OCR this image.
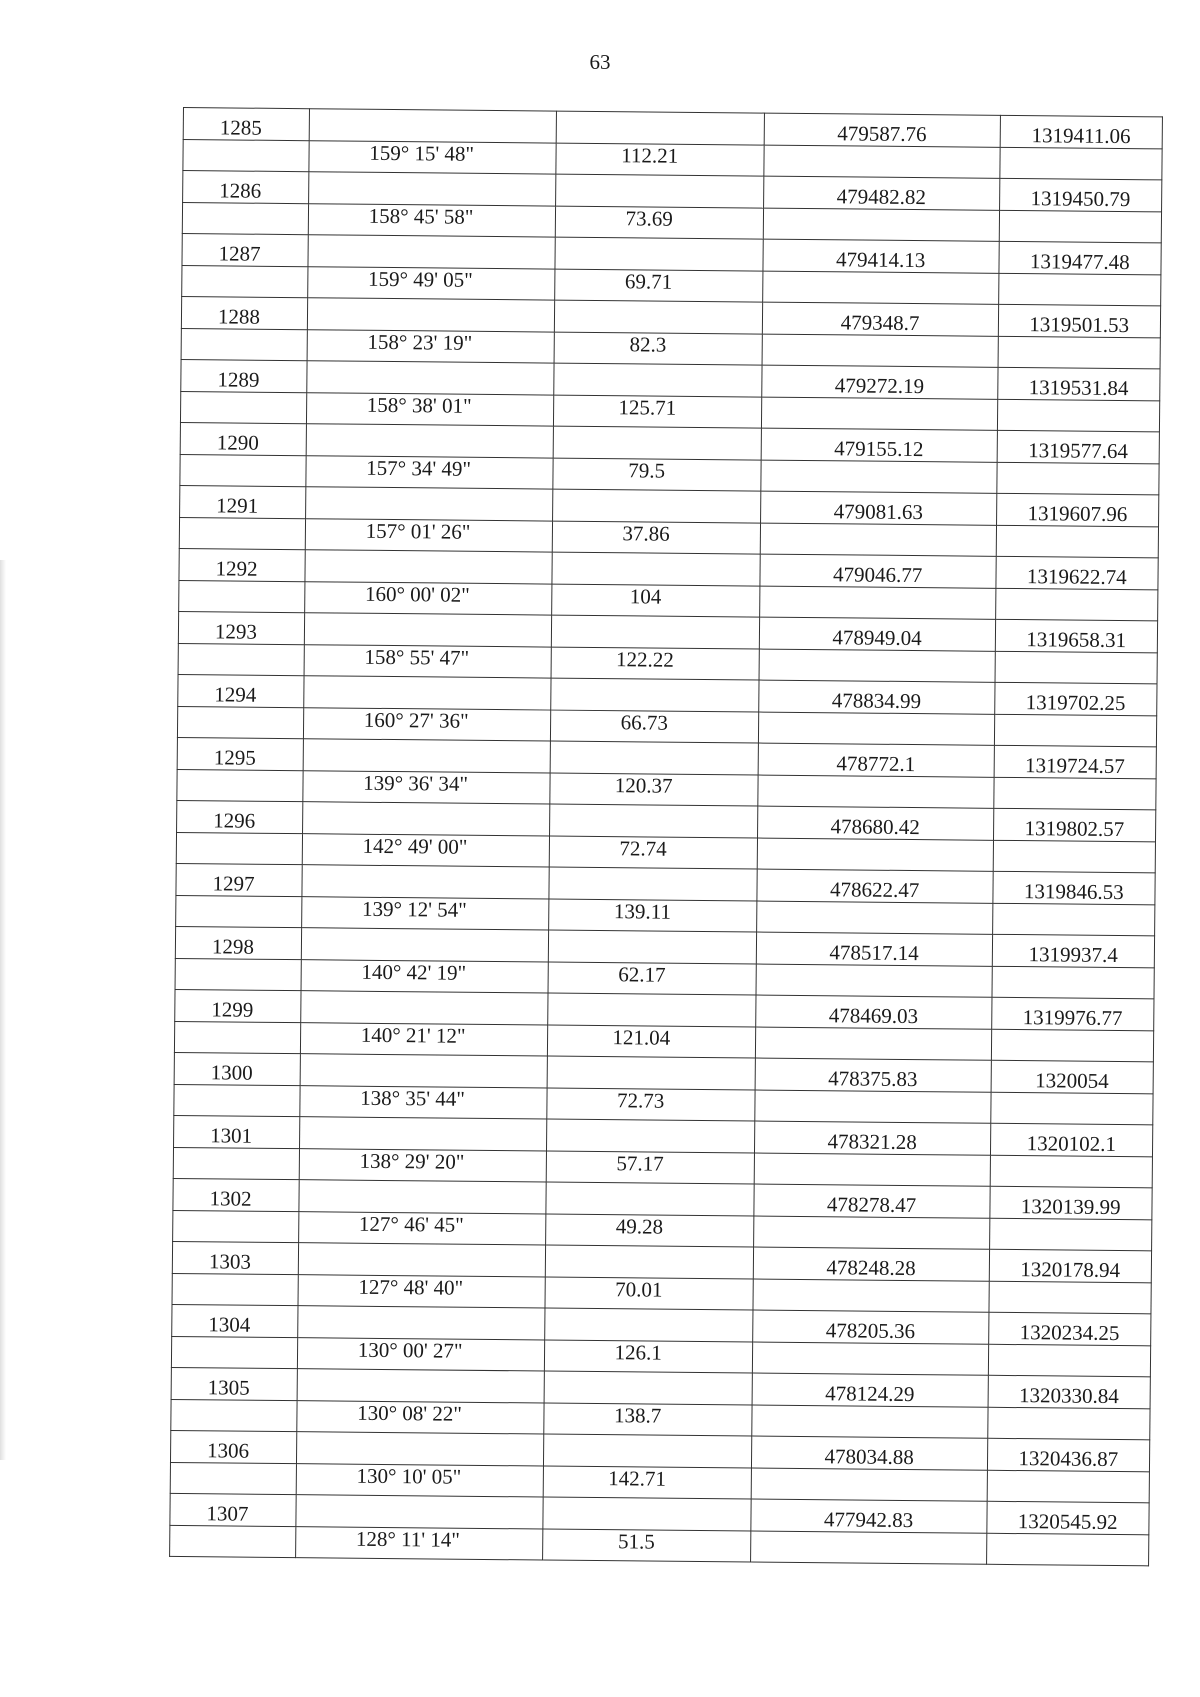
63
1285			479587.76	1319411.06
	159° 15' 48"	112.21		
1286			479482.82	1319450.79
	158° 45' 58"	73.69		
1287			479414.13	1319477.48
	159° 49' 05"	69.71		
1288			479348.7	1319501.53
	158° 23' 19"	82.3		
1289			479272.19	1319531.84
	158° 38' 01"	125.71		
1290			479155.12	1319577.64
	157° 34' 49"	79.5		
1291			479081.63	1319607.96
	157° 01' 26"	37.86		
1292			479046.77	1319622.74
	160° 00' 02"	104		
1293			478949.04	1319658.31
	158° 55' 47"	122.22		
1294			478834.99	1319702.25
	160° 27' 36"	66.73		
1295			478772.1	1319724.57
	139° 36' 34"	120.37		
1296			478680.42	1319802.57
	142° 49' 00"	72.74		
1297			478622.47	1319846.53
	139° 12' 54"	139.11		
1298			478517.14	1319937.4
	140° 42' 19"	62.17		
1299			478469.03	1319976.77
	140° 21' 12"	121.04		
1300			478375.83	1320054
	138° 35' 44"	72.73		
1301			478321.28	1320102.1
	138° 29' 20"	57.17		
1302			478278.47	1320139.99
	127° 46' 45"	49.28		
1303			478248.28	1320178.94
	127° 48' 40"	70.01		
1304			478205.36	1320234.25
	130° 00' 27"	126.1		
1305			478124.29	1320330.84
	130° 08' 22"	138.7		
1306			478034.88	1320436.87
	130° 10' 05"	142.71		
1307			477942.83	1320545.92
	128° 11' 14"	51.5		
